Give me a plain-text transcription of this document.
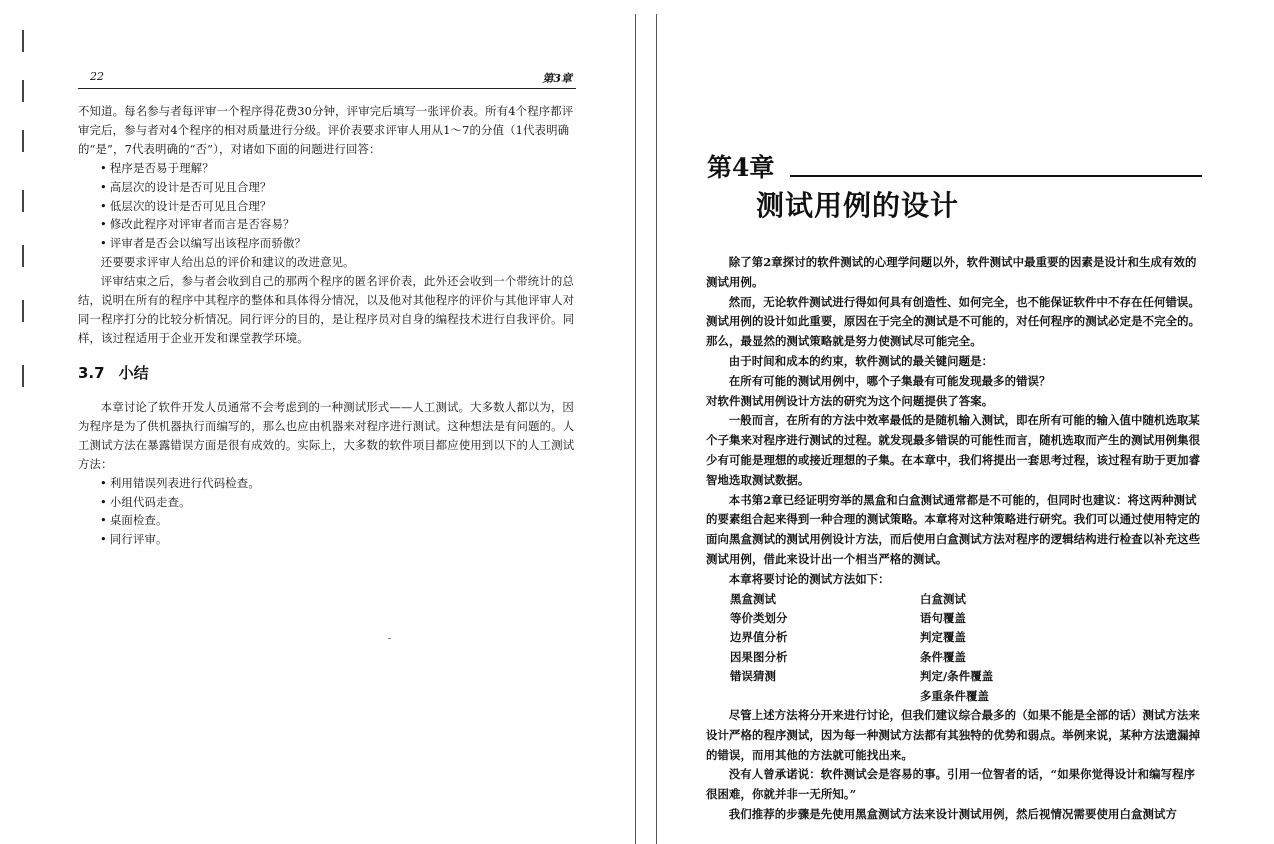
22	第3章

不知道。每名参与者每评审一个程序得花费30分钟，评审完后填写一张评价表。所有4个程序都评审完后，参与者对4个程序的相对质量进行分级。评价表要求评审人用从1～7的分值（1代表明确的“是”，7代表明确的“否”），对诸如下面的问题进行回答：

• 程序是否易于理解？
• 高层次的设计是否可见且合理？
• 低层次的设计是否可见且合理？
• 修改此程序对评审者而言是否容易？
• 评审者是否会以编写出该程序而骄傲？

还要要求评审人给出总的评价和建议的改进意见。

评审结束之后，参与者会收到自己的那两个程序的匿名评价表，此外还会收到一个带统计的总结，说明在所有的程序中其程序的整体和具体得分情况，以及他对其他程序的评价与其他评审人对同一程序打分的比较分析情况。同行评分的目的，是让程序员对自身的编程技术进行自我评价。同样，该过程适用于企业开发和课堂教学环境。

3.7 小结

本章讨论了软件开发人员通常不会考虑到的一种测试形式——人工测试。大多数人都以为，因为程序是为了供机器执行而编写的，那么也应由机器来对程序进行测试。这种想法是有问题的。人工测试方法在暴露错误方面是很有成效的。实际上，大多数的软件项目都应使用到以下的人工测试方法：

• 利用错误列表进行代码检查。
• 小组代码走查。
• 桌面检查。
• 同行评审。
第4章
测试用例的设计

除了第2章探讨的软件测试的心理学问题以外，软件测试中最重要的因素是设计和生成有效的测试用例。

然而，无论软件测试进行得如何具有创造性、如何完全，也不能保证软件中不存在任何错误。测试用例的设计如此重要，原因在于完全的测试是不可能的，对任何程序的测试必定是不完全的。那么，最显然的测试策略就是努力使测试尽可能完全。

由于时间和成本的约束，软件测试的最关键问题是：

在所有可能的测试用例中，哪个子集最有可能发现最多的错误？

对软件测试用例设计方法的研究为这个问题提供了答案。

一般而言，在所有的方法中效率最低的是随机输入测试，即在所有可能的输入值中随机选取某个子集来对程序进行测试的过程。就发现最多错误的可能性而言，随机选取而产生的测试用例集很少有可能是理想的或接近理想的子集。在本章中，我们将提出一套思考过程，该过程有助于更加睿智地选取测试数据。

本书第2章已经证明穷举的黑盒和白盒测试通常都是不可能的，但同时也建议：将这两种测试的要素组合起来得到一种合理的测试策略。本章将对这种策略进行研究。我们可以通过使用特定的面向黑盒测试的测试用例设计方法，而后使用白盒测试方法对程序的逻辑结构进行检查以补充这些测试用例，借此来设计出一个相当严格的测试。

本章将要讨论的测试方法如下：

黑盒测试
等价类划分
边界值分析
因果图分析
错误猜测
白盒测试
语句覆盖
判定覆盖
条件覆盖
判定/条件覆盖
多重条件覆盖

尽管上述方法将分开来进行讨论，但我们建议综合最多的（如果不能是全部的话）测试方法来设计严格的程序测试，因为每一种测试方法都有其独特的优势和弱点。举例来说，某种方法遗漏掉的错误，而用其他的方法就可能找出来。

没有人曾承诺说：软件测试会是容易的事。引用一位智者的话，“如果你觉得设计和编写程序很困难，你就并非一无所知。”

我们推荐的步骤是先使用黑盒测试方法来设计测试用例，然后视情况需要使用白盒测试方
